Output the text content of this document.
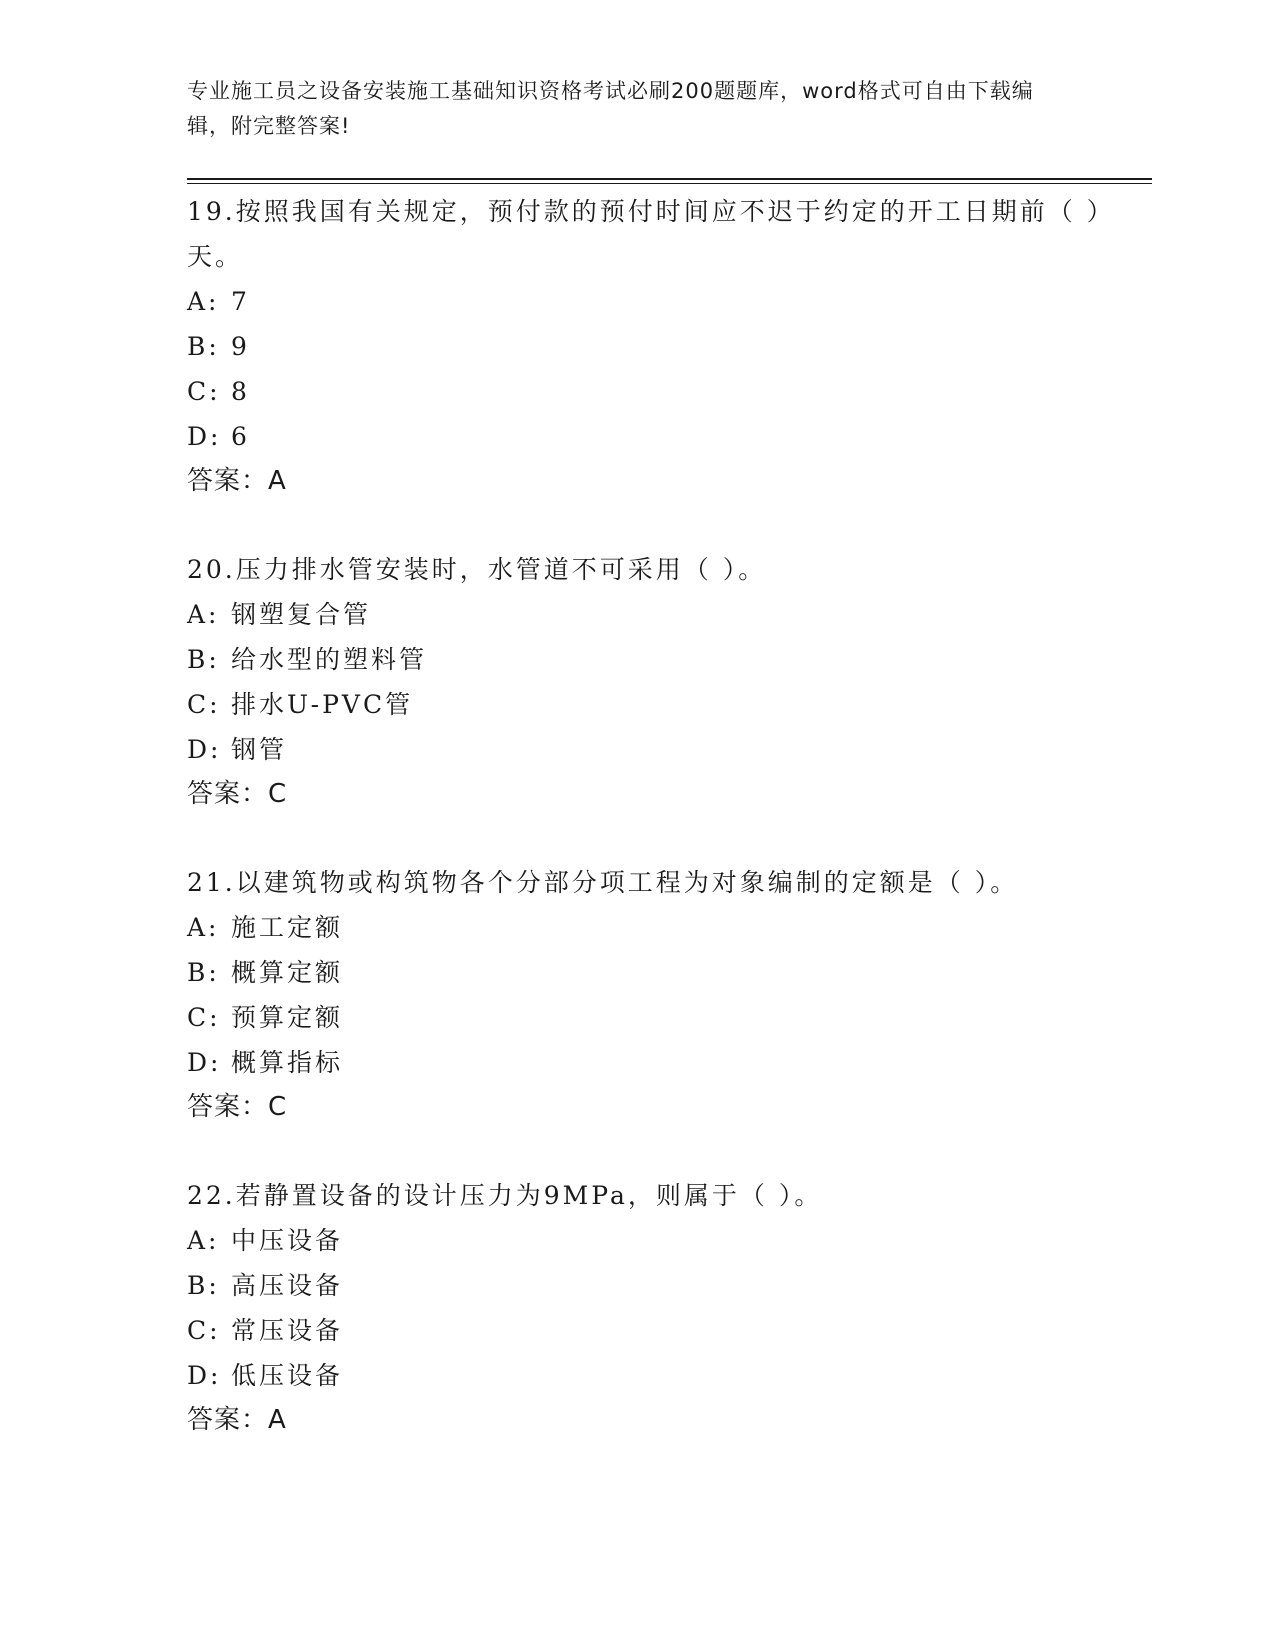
专业施工员之设备安装施工基础知识资格考试必刷200题题库，word格式可自由下载编辑，附完整答案!

19.按照我国有关规定，预付款的预付时间应不迟于约定的开工日期前（ ）天。

A: 7
B: 9
C: 8
D: 6
答案：A

20.压力排水管安装时，水管道不可采用（ ）。

A: 钢塑复合管
B: 给水型的塑料管
C: 排水U-PVC管
D: 钢管
答案：C

21.以建筑物或构筑物各个分部分项工程为对象编制的定额是（ ）。

A: 施工定额
B: 概算定额
C: 预算定额
D: 概算指标
答案：C

22.若静置设备的设计压力为9MPa，则属于（ ）。

A: 中压设备
B: 高压设备
C: 常压设备
D: 低压设备
答案：A
